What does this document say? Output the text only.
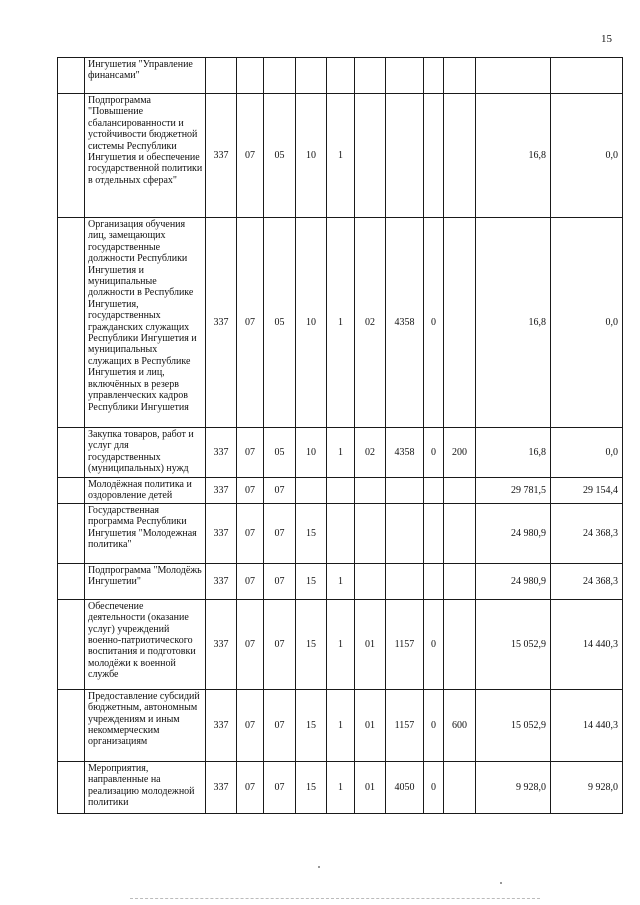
15
	Ингушетия "Управление финансами"											
	Подпрограмма "Повышение сбалансированности и устойчивости бюджетной системы Республики Ингушетия и обеспечение государственной политики в отдельных сферах"	337	07	05	10	1					16,8	0,0
	Организация обучения лиц, замещающих государственные должности Республики Ингушетия и муниципальные должности в Республике Ингушетия, государственных гражданских служащих Республики Ингушетия и муниципальных служащих в Республике Ингушетия и лиц, включённых в резерв управленческих кадров Республики Ингушетия	337	07	05	10	1	02	4358	0		16,8	0,0
	Закупка товаров, работ и услуг для государственных (муниципальных) нужд	337	07	05	10	1	02	4358	0	200	16,8	0,0
	Молодёжная политика и оздоровление детей	337	07	07							29 781,5	29 154,4
	Государственная программа Республики Ингушетия "Молодежная политика"	337	07	07	15						24 980,9	24 368,3
	Подпрограмма "Молодёжь Ингушетии"	337	07	07	15	1					24 980,9	24 368,3
	Обеспечение деятельности (оказание услуг) учреждений военно-патриотического воспитания и подготовки молодёжи к военной службе	337	07	07	15	1	01	1157	0		15 052,9	14 440,3
	Предоставление субсидий бюджетным, автономным учреждениям и иным некоммерческим организациям	337	07	07	15	1	01	1157	0	600	15 052,9	14 440,3
	Мероприятия, направленные на реализацию молодежной политики	337	07	07	15	1	01	4050	0		9 928,0	9 928,0
